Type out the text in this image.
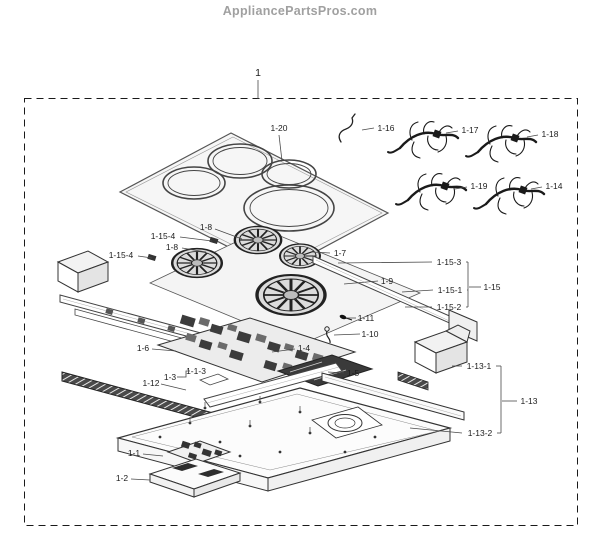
AppliancePartsPros.com
1
1-20	1-16	1-17	1-18
1-19	1-14
1-8
1-15-4
1-8
1-15-4	1-7
1-15-3
1-9
1-15-1 1-15
1-15-2
1-11
1-10
1-6	1-4
1-5
1-1-3
1-3
1-12
1-13-1
1-13
1-13-2
1-1
1-2
